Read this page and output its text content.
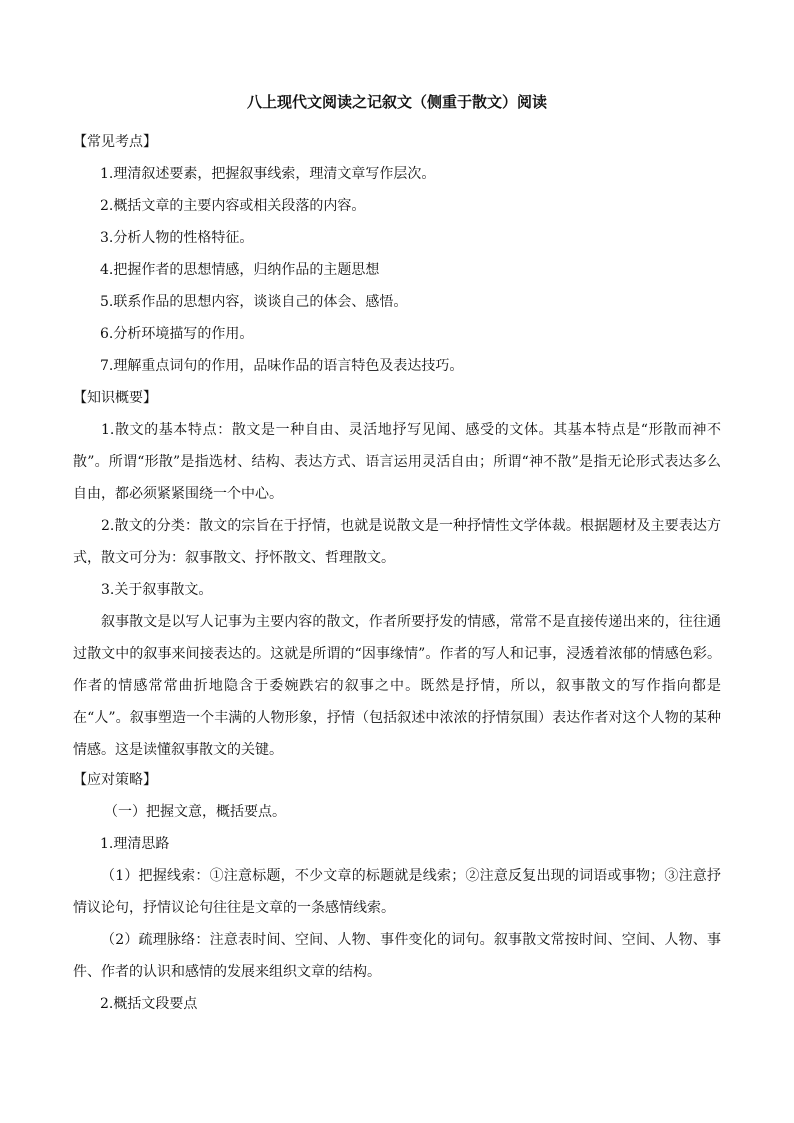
八上现代文阅读之记叙文（侧重于散文）阅读
【常见考点】
1.理清叙述要素，把握叙事线索，理清文章写作层次。
2.概括文章的主要内容或相关段落的内容。
3.分析人物的性格特征。
4.把握作者的思想情感，归纳作品的主题思想
5.联系作品的思想内容，谈谈自己的体会、感悟。
6.分析环境描写的作用。
7.理解重点词句的作用，品味作品的语言特色及表达技巧。
【知识概要】
1.散文的基本特点：散文是一种自由、灵活地抒写见闻、感受的文体。其基本特点是“形散而神不散”。所谓“形散”是指选材、结构、表达方式、语言运用灵活自由；所谓“神不散”是指无论形式表达多么自由，都必须紧紧围绕一个中心。
2.散文的分类：散文的宗旨在于抒情，也就是说散文是一种抒情性文学体裁。根据题材及主要表达方式，散文可分为：叙事散文、抒怀散文、哲理散文。
3.关于叙事散文。
叙事散文是以写人记事为主要内容的散文，作者所要抒发的情感，常常不是直接传递出来的，往往通过散文中的叙事来间接表达的。这就是所谓的“因事缘情”。作者的写人和记事，浸透着浓郁的情感色彩。作者的情感常常曲折地隐含于委婉跌宕的叙事之中。既然是抒情，所以，叙事散文的写作指向都是在“人”。叙事塑造一个丰满的人物形象，抒情（包括叙述中浓浓的抒情氛围）表达作者对这个人物的某种情感。这是读懂叙事散文的关键。
【应对策略】
（一）把握文意，概括要点。
1.理清思路
（1）把握线索：①注意标题，不少文章的标题就是线索；②注意反复出现的词语或事物；③注意抒情议论句，抒情议论句往往是文章的一条感情线索。
（2）疏理脉络：注意表时间、空间、人物、事件变化的词句。叙事散文常按时间、空间、人物、事件、作者的认识和感情的发展来组织文章的结构。
2.概括文段要点
